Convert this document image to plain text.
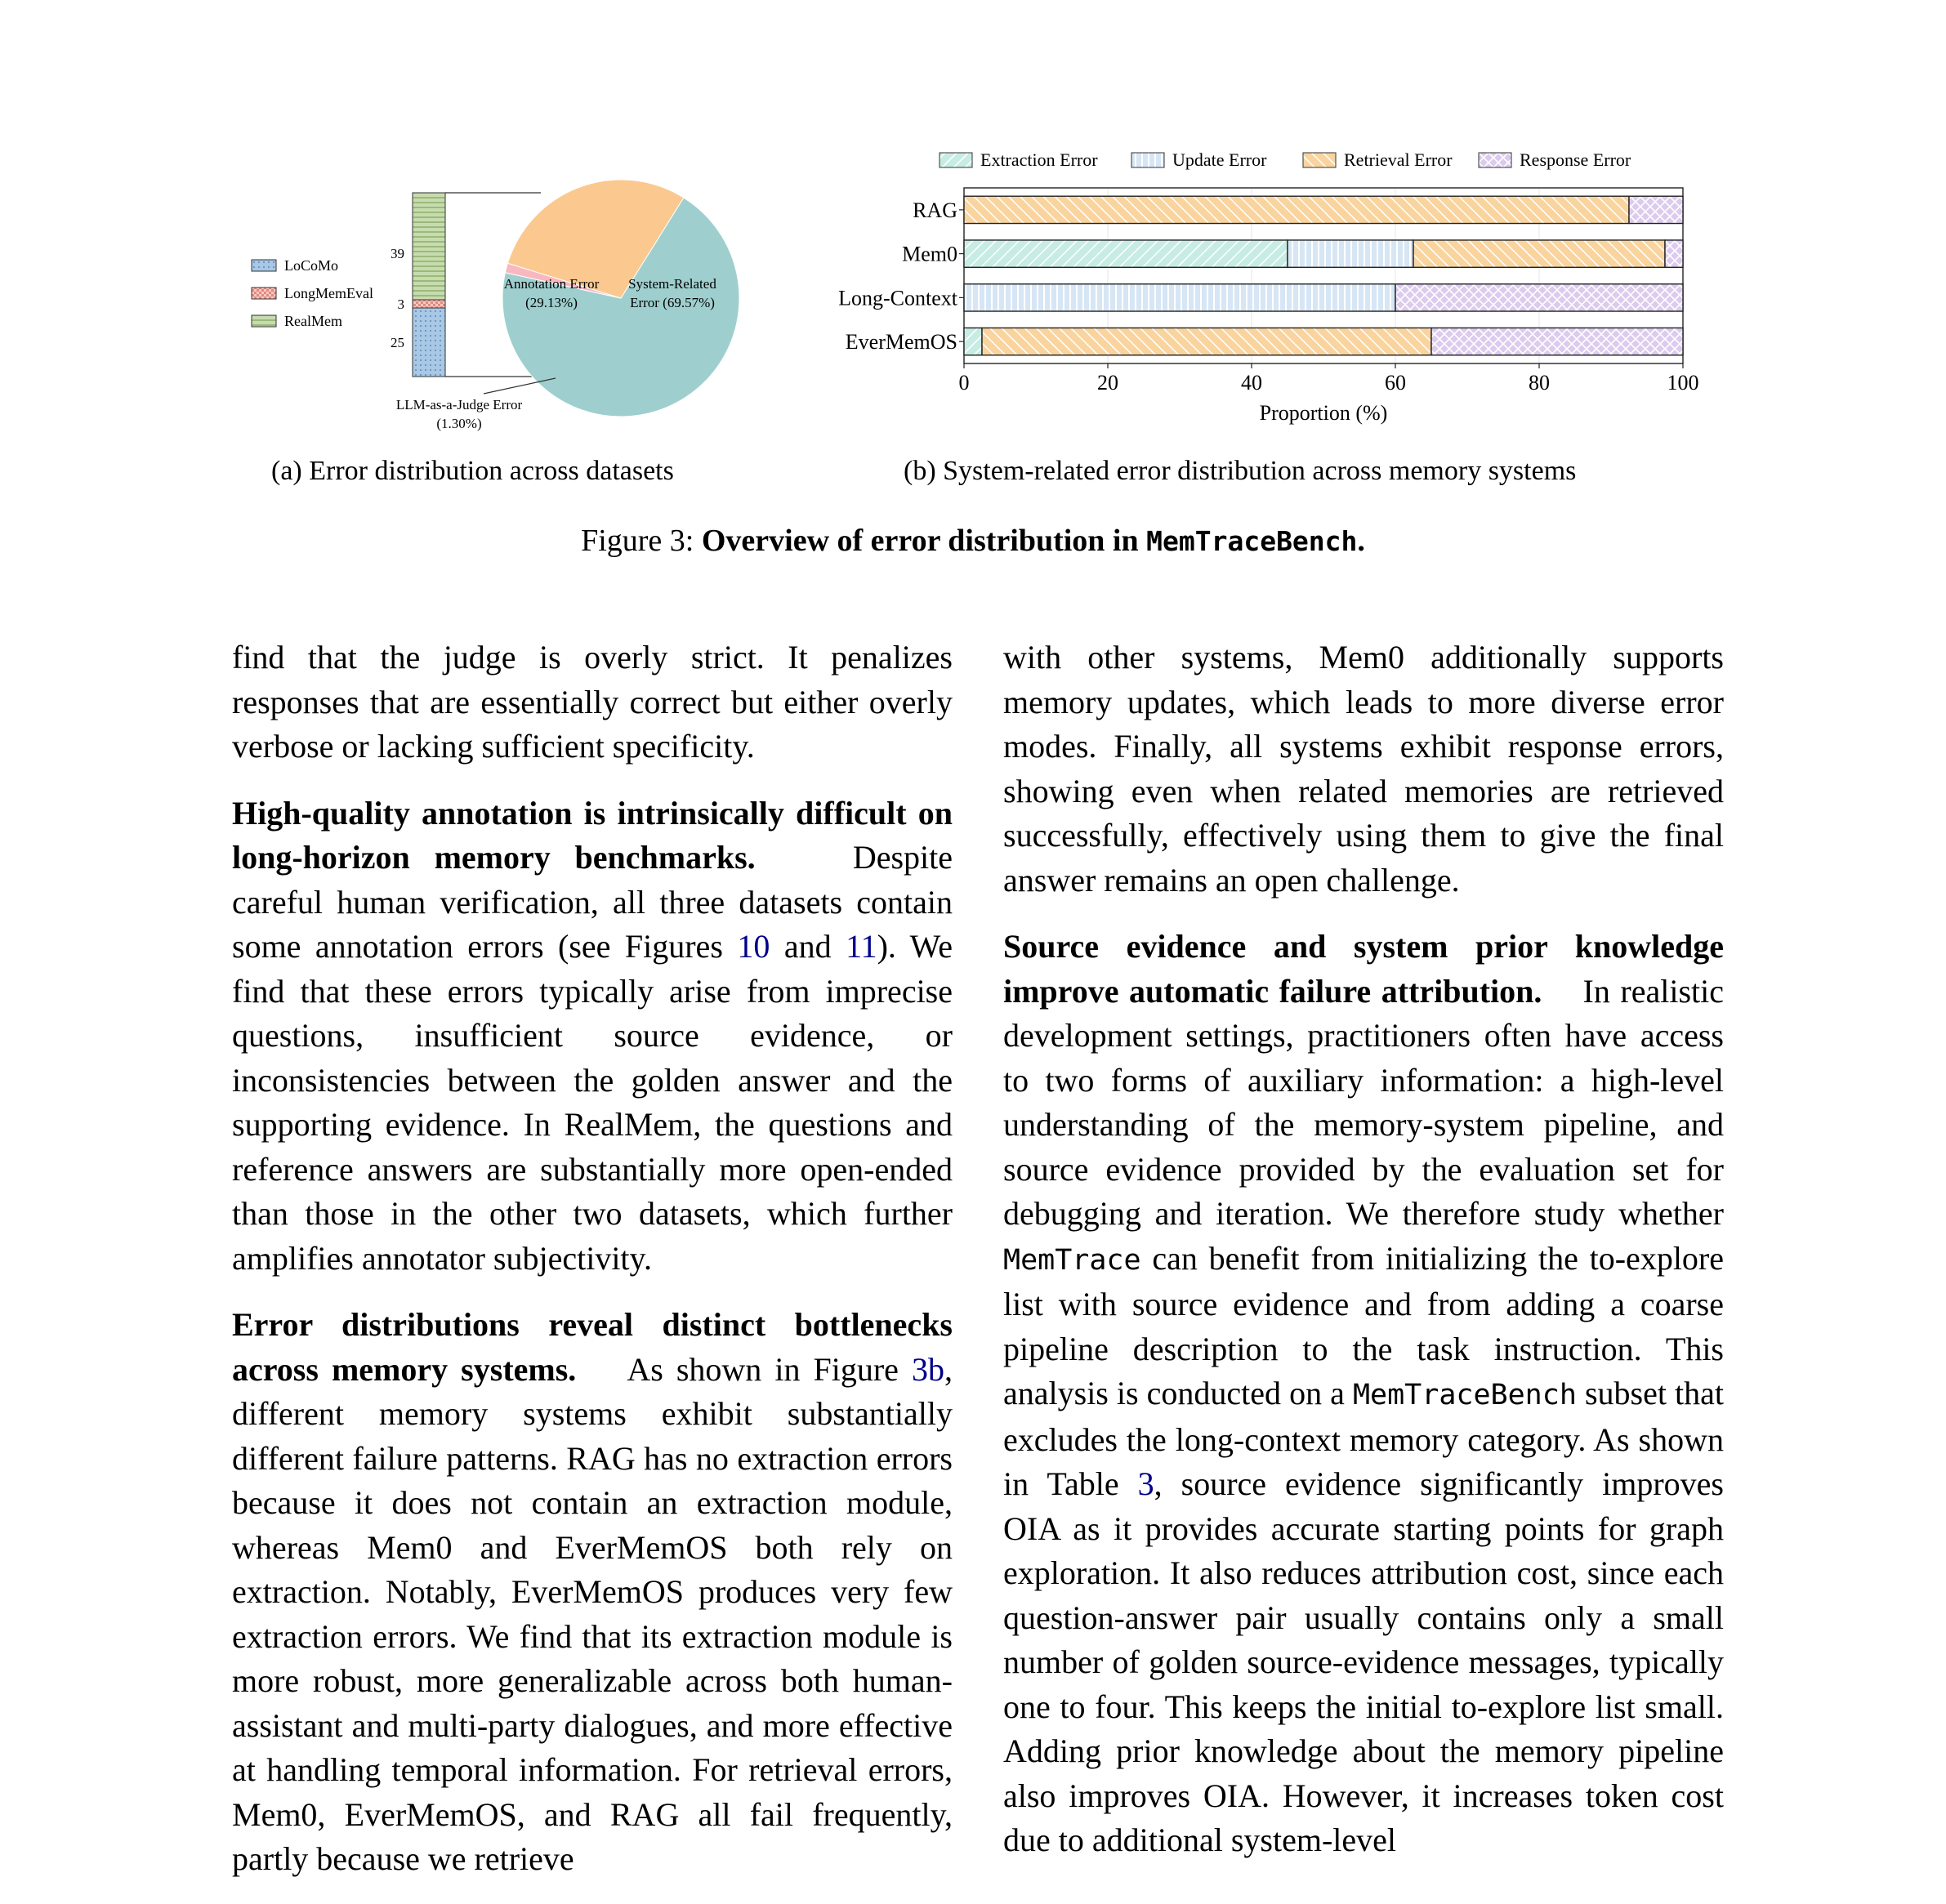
LoCoMo
LongMemEval
RealMem
39
3
25
Annotation Error
(29.13%)
System-Related
Error (69.57%)
LLM-as-a-Judge Error
(1.30%)
Extraction Error	Update Error	Retrieval Error	Response Error
RAG
Mem0
Long-Context
EverMemOS
0	20	40	60	80	100
Proportion (%)
(a) Error distribution across datasets	(b) System-related error distribution across memory systems
Figure 3: Overview of error distribution in MemTraceBench.

find that the judge is overly strict. It penalizes responses that are essentially correct but either overly verbose or lacking sufficient specificity.

High-quality annotation is intrinsically difficult on long-horizon memory benchmarks.	Despite careful human verification, all three datasets contain some annotation errors (see Figures 10 and 11). We find that these errors typically arise from imprecise questions, insufficient source evidence, or inconsistencies between the golden answer and the supporting evidence. In RealMem, the questions and reference answers are substantially more open-ended than those in the other two datasets, which further amplifies annotator subjectivity.

Error distributions reveal distinct bottlenecks across memory systems. As shown in Figure 3b, different memory systems exhibit substantially different failure patterns. RAG has no extraction errors because it does not contain an extraction module, whereas Mem0 and EverMemOS both rely on extraction. Notably, EverMemOS produces very few extraction errors. We find that its extraction module is more robust, more generalizable across both human-assistant and multi-party dialogues, and more effective at handling temporal information. For retrieval errors, Mem0, EverMemOS, and RAG all fail frequently, partly because we retrieve

with other systems, Mem0 additionally supports memory updates, which leads to more diverse error modes. Finally, all systems exhibit response errors, showing even when related memories are retrieved successfully, effectively using them to give the final answer remains an open challenge.

Source evidence and system prior knowledge improve automatic failure attribution. In realistic development settings, practitioners often have access to two forms of auxiliary information: a high-level understanding of the memory-system pipeline, and source evidence provided by the evaluation set for debugging and iteration. We therefore study whether MemTrace can benefit from initializing the to-explore list with source evidence and from adding a coarse pipeline description to the task instruction. This analysis is conducted on a MemTraceBench subset that excludes the long-context memory category. As shown in Table 3, source evidence significantly improves OIA as it provides accurate starting points for graph exploration. It also reduces attribution cost, since each question-answer pair usually contains only a small number of golden source-evidence messages, typically one to four. This keeps the initial to-explore list small. Adding prior knowledge about the memory pipeline also improves OIA. However, it increases token cost due to additional system-level
